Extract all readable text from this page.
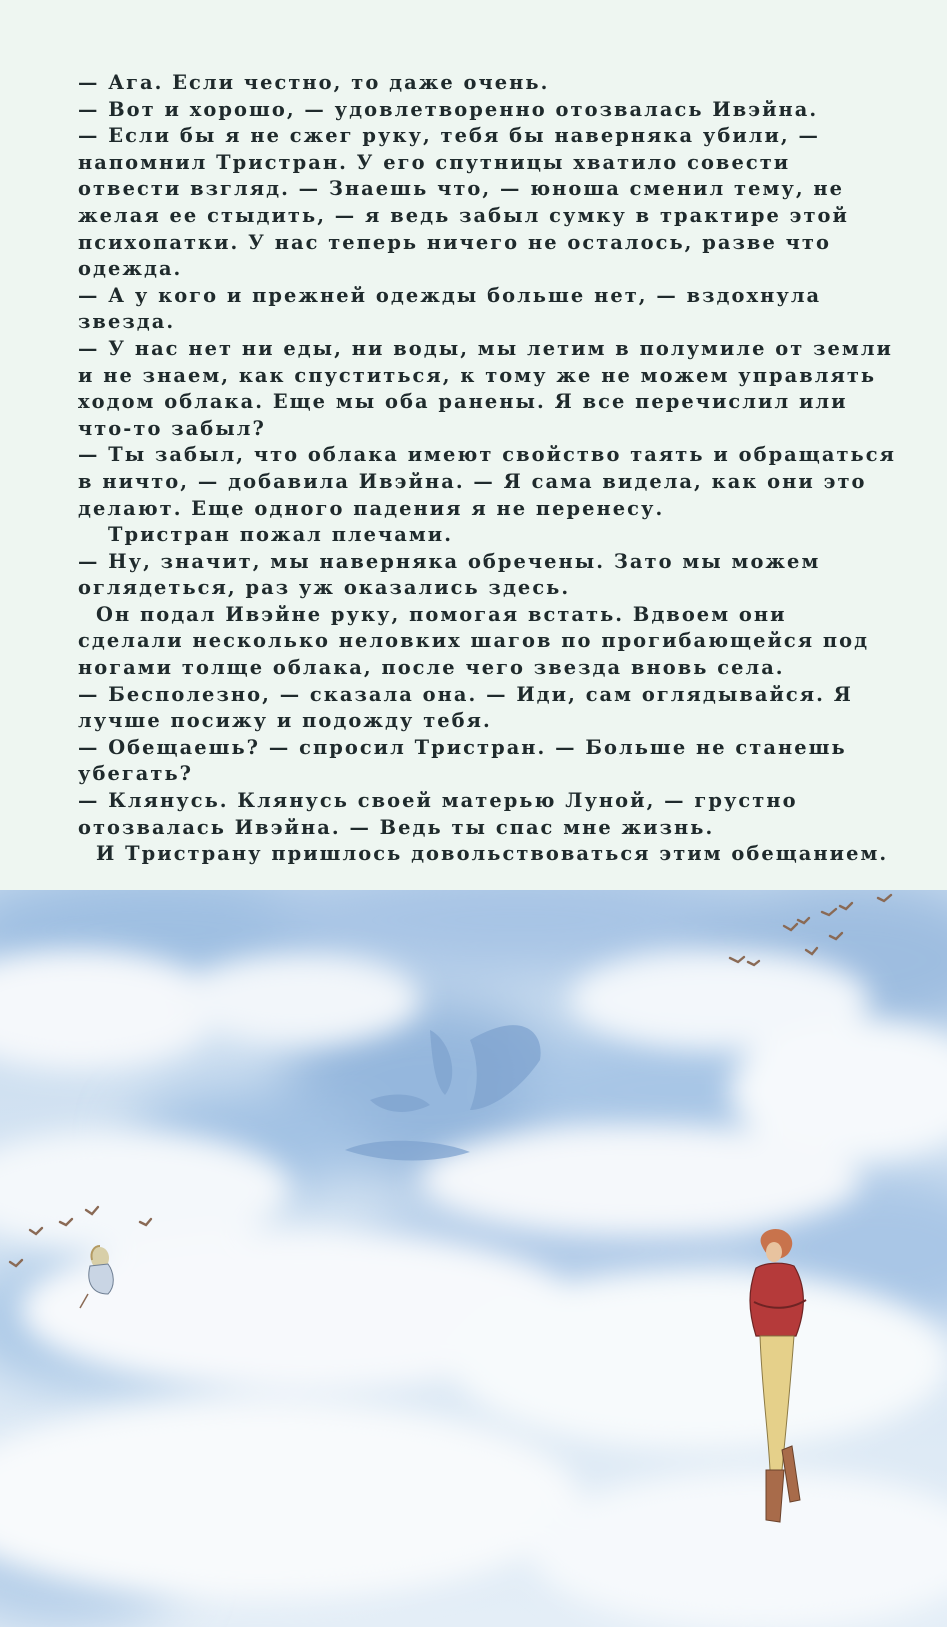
— Ага. Если честно, то даже очень.
— Вот и хорошо, — удовлетворенно отозвалась Ивэйна.
— Если бы я не сжег руку, тебя бы наверняка убили, —
напомнил Тристран. У его спутницы хватило совести
отвести взгляд. — Знаешь что, — юноша сменил тему, не
желая ее стыдить, — я ведь забыл сумку в трактире этой
психопатки. У нас теперь ничего не осталось, разве что
одежда.
— А у кого и прежней одежды больше нет, — вздохнула
звезда.
— У нас нет ни еды, ни воды, мы летим в полумиле от земли
и не знаем, как спуститься, к тому же не можем управлять
ходом облака. Еще мы оба ранены. Я все перечислил или
что-то забыл?
— Ты забыл, что облака имеют свойство таять и обращаться
в ничто, — добавила Ивэйна. — Я сама видела, как они это
делают. Еще одного падения я не перенесу.
Тристран пожал плечами.
— Ну, значит, мы наверняка обречены. Зато мы можем
оглядеться, раз уж оказались здесь.
Он подал Ивэйне руку, помогая встать. Вдвоем они
сделали несколько неловких шагов по прогибающейся под
ногами толще облака, после чего звезда вновь села.
— Бесполезно, — сказала она. — Иди, сам оглядывайся. Я
лучше посижу и подожду тебя.
— Обещаешь? — спросил Тристран. — Больше не станешь
убегать?
— Клянусь. Клянусь своей матерью Луной, — грустно
отозвалась Ивэйна. — Ведь ты спас мне жизнь.
И Тристрану пришлось довольствоваться этим обещанием.
